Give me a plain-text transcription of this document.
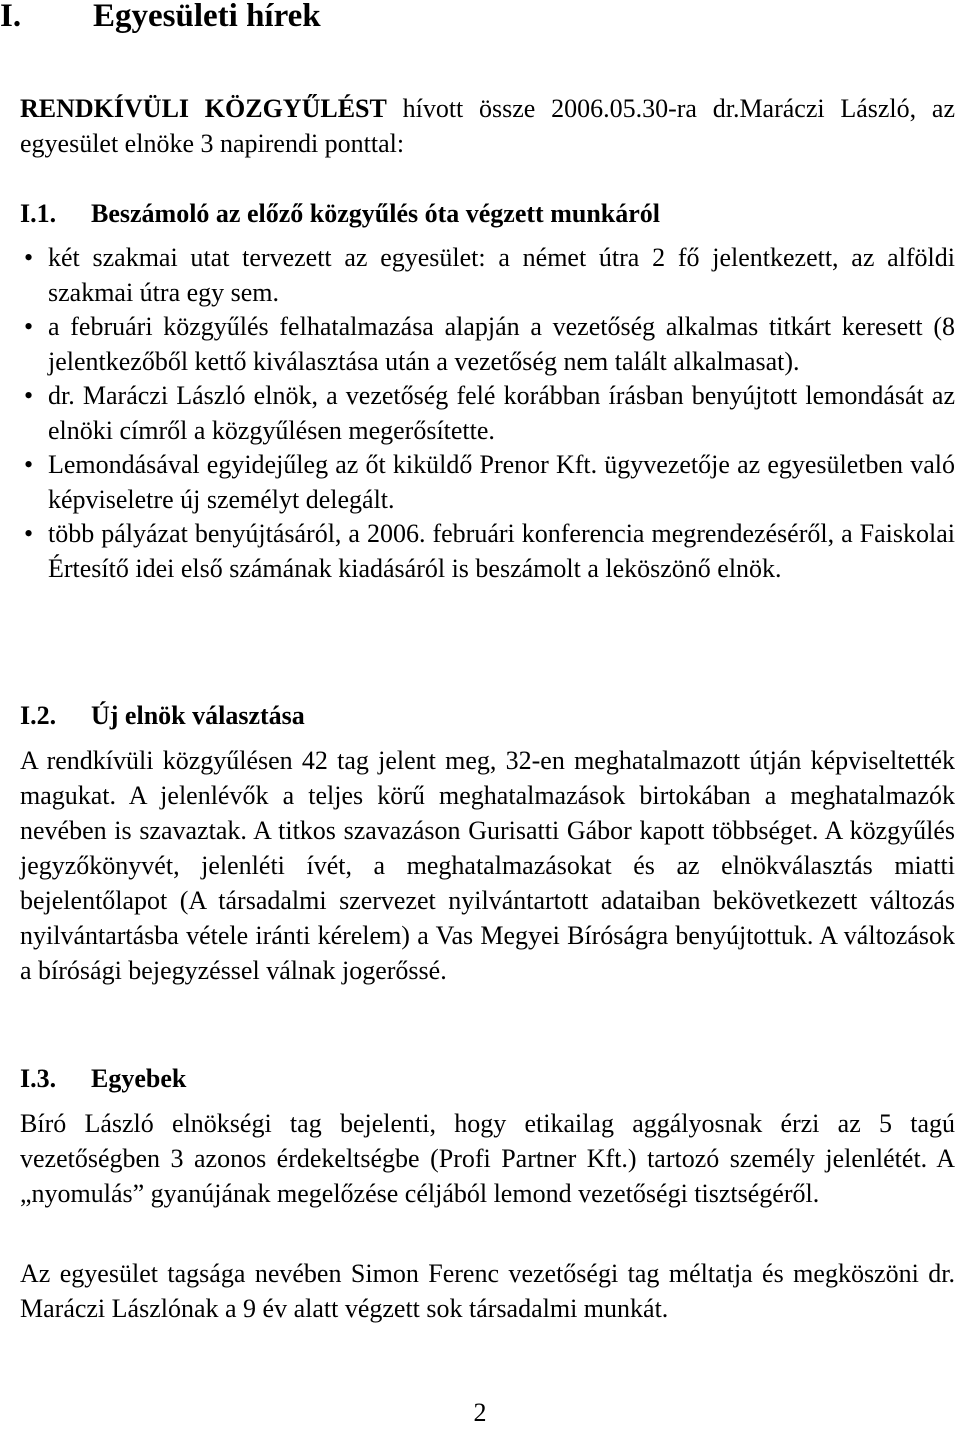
I. Egyesületi hírek

RENDKÍVÜLI KÖZGYŰLÉST hívott össze 2006.05.30-ra dr.Maráczi László, az egyesület elnöke 3 napirendi ponttal:

I.1. Beszámoló az előző közgyűlés óta végzett munkáról
• két szakmai utat tervezett az egyesület: a német útra 2 fő jelentkezett, az alföldi szakmai útra egy sem.
• a februári közgyűlés felhatalmazása alapján a vezetőség alkalmas titkárt keresett (8 jelentkezőből kettő kiválasztása után a vezetőség nem talált alkalmasat).
• dr. Maráczi László elnök, a vezetőség felé korábban írásban benyújtott lemondását az elnöki címről a közgyűlésen megerősítette.
• Lemondásával egyidejűleg az őt kiküldő Prenor Kft. ügyvezetője az egyesületben való képviseletre új személyt delegált.
• több pályázat benyújtásáról, a 2006. februári konferencia megrendezéséről, a Faiskolai Értesítő idei első számának kiadásáról is beszámolt a leköszönő elnök.
I.2. Új elnök választása

A rendkívüli közgyűlésen 42 tag jelent meg, 32-en meghatalmazott útján képviseltették magukat. A jelenlévők a teljes körű meghatalmazások birtokában a meghatalmazók nevében is szavaztak. A titkos szavazáson Gurisatti Gábor kapott többséget. A közgyűlés jegyzőkönyvét, jelenléti ívét, a meghatalmazásokat és az elnökválasztás miatti bejelentőlapot (A társadalmi szervezet nyilvántartott adataiban bekövetkezett változás nyilvántartásba vétele iránti kérelem) a Vas Megyei Bíróságra benyújtottuk. A változások a bírósági bejegyzéssel válnak jogerőssé.

I.3. Egyebek

Bíró László elnökségi tag bejelenti, hogy etikailag aggályosnak érzi az 5 tagú vezetőségben 3 azonos érdekeltségbe (Profi Partner Kft.) tartozó személy jelenlétét. A „nyomulás” gyanújának megelőzése céljából lemond vezetőségi tisztségéről.

Az egyesület tagsága nevében Simon Ferenc vezetőségi tag méltatja és megköszöni dr. Maráczi Lászlónak a 9 év alatt végzett sok társadalmi munkát.

2
